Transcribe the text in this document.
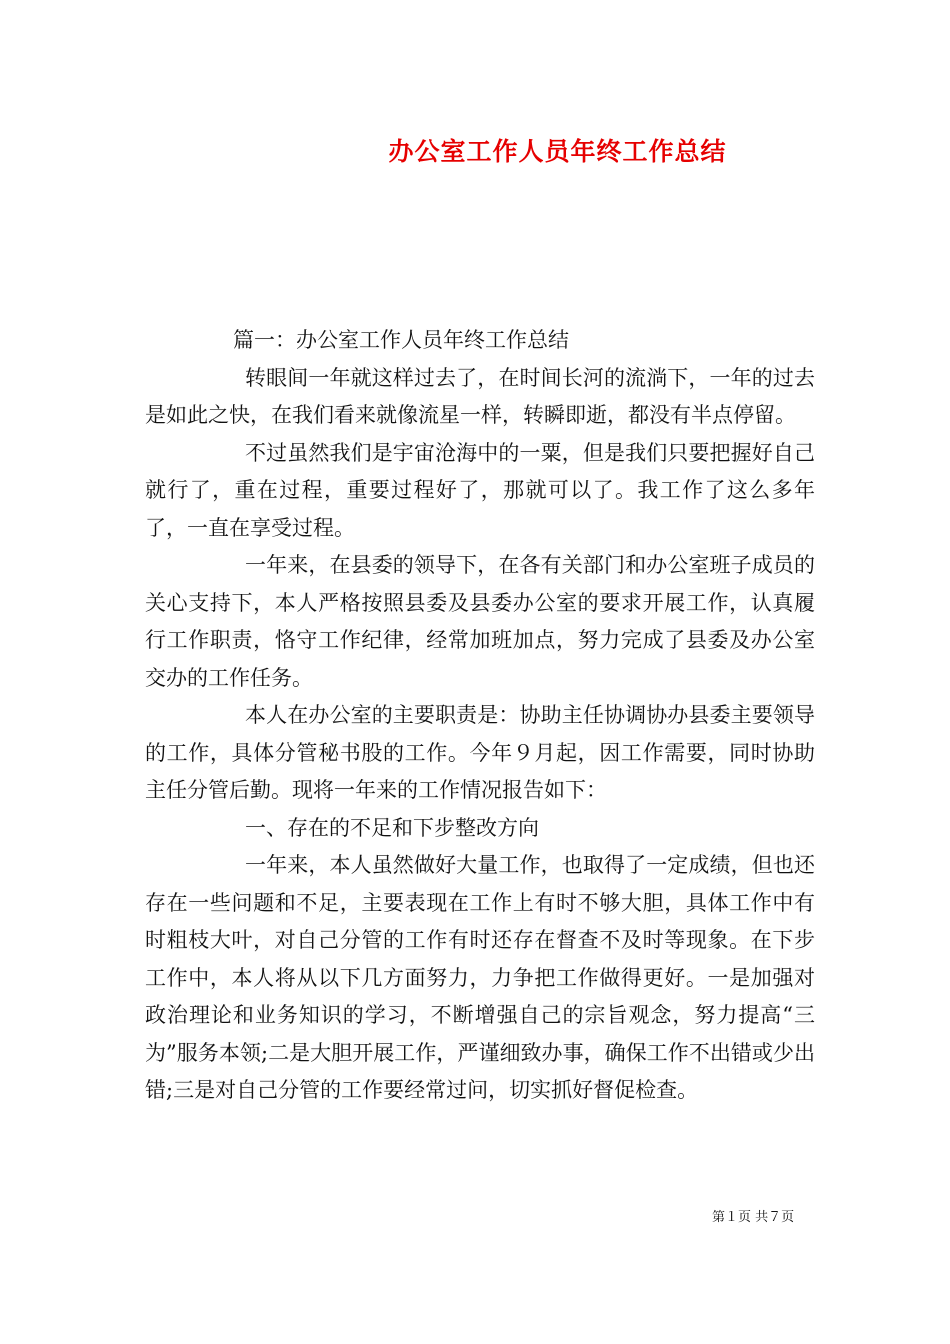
办公室工作人员年终工作总结

篇一：办公室工作人员年终工作总结

转眼间一年就这样过去了，在时间长河的流淌下，一年的过去是如此之快，在我们看来就像流星一样，转瞬即逝，都没有半点停留。

不过虽然我们是宇宙沧海中的一粟，但是我们只要把握好自己就行了，重在过程，重要过程好了，那就可以了。我工作了这么多年了，一直在享受过程。

一年来，在县委的领导下，在各有关部门和办公室班子成员的关心支持下，本人严格按照县委及县委办公室的要求开展工作，认真履行工作职责，恪守工作纪律，经常加班加点，努力完成了县委及办公室交办的工作任务。

本人在办公室的主要职责是：协助主任协调协办县委主要领导的工作，具体分管秘书股的工作。今年９月起，因工作需要，同时协助主任分管后勤。现将一年来的工作情况报告如下：

一、存在的不足和下步整改方向

一年来，本人虽然做好大量工作，也取得了一定成绩，但也还存在一些问题和不足，主要表现在工作上有时不够大胆，具体工作中有时粗枝大叶，对自己分管的工作有时还存在督查不及时等现象。在下步工作中，本人将从以下几方面努力，力争把工作做得更好。一是加强对政治理论和业务知识的学习，不断增强自己的宗旨观念，努力提高“三为”服务本领;二是大胆开展工作，严谨细致办事，确保工作不出错或少出错;三是对自己分管的工作要经常过问，切实抓好督促检查。

第１页 共７页
